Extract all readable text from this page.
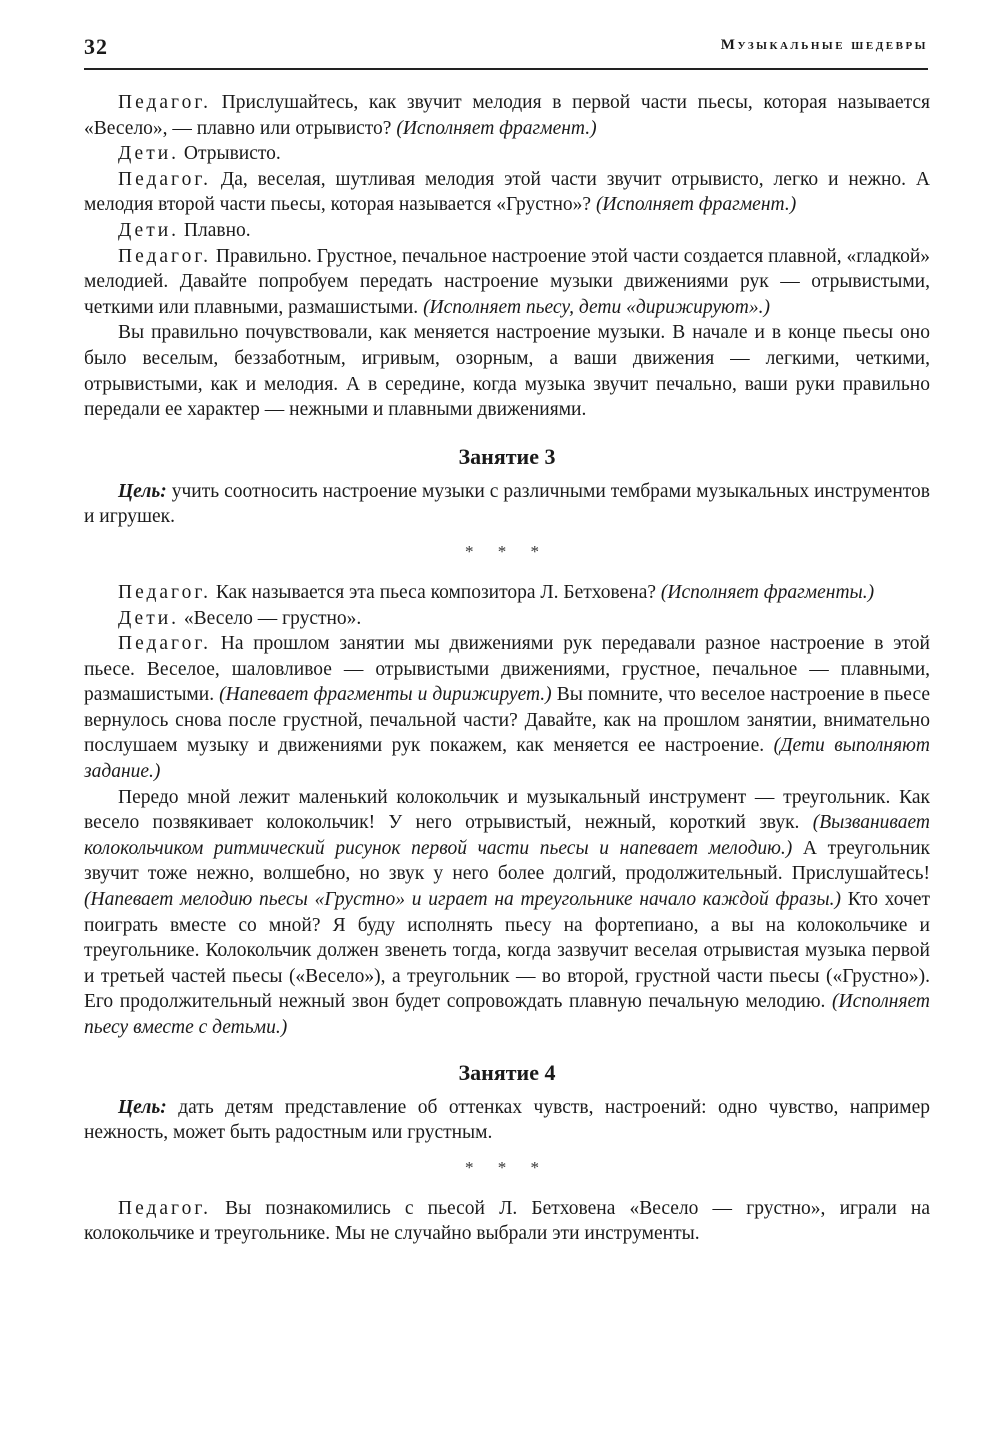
32	Музыкальные шедевры

Педагог. Прислушайтесь, как звучит мелодия в первой части пьесы, которая называется «Весело», — плавно или отрывисто? (Исполняет фрагмент.)

Дети. Отрывисто.

Педагог. Да, веселая, шутливая мелодия этой части звучит отрывисто, легко и нежно. А мелодия второй части пьесы, которая называется «Грустно»? (Исполняет фрагмент.)

Дети. Плавно.

Педагог. Правильно. Грустное, печальное настроение этой части создается плавной, «гладкой» мелодией. Давайте попробуем передать настроение музыки движениями рук — отрывистыми, четкими или плавными, размашистыми. (Исполняет пьесу, дети «дирижируют».)

Вы правильно почувствовали, как меняется настроение музыки. В начале и в конце пьесы оно было веселым, беззаботным, игривым, озорным, а ваши движения — легкими, четкими, отрывистыми, как и мелодия. А в середине, когда музыка звучит печально, ваши руки правильно передали ее характер — нежными и плавными движениями.

Занятие 3

Цель: учить соотносить настроение музыки с различными тембрами музыкальных инструментов и игрушек.

* * *

Педагог. Как называется эта пьеса композитора Л. Бетховена? (Исполняет фрагменты.)

Дети. «Весело — грустно».

Педагог. На прошлом занятии мы движениями рук передавали разное настроение в этой пьесе. Веселое, шаловливое — отрывистыми движениями, грустное, печальное — плавными, размашистыми. (Напевает фрагменты и дирижирует.) Вы помните, что веселое настроение в пьесе вернулось снова после грустной, печальной части? Давайте, как на прошлом занятии, внимательно послушаем музыку и движениями рук покажем, как меняется ее настроение. (Дети выполняют задание.)

Передо мной лежит маленький колокольчик и музыкальный инструмент — треугольник. Как весело позвякивает колокольчик! У него отрывистый, нежный, короткий звук. (Вызванивает колокольчиком ритмический рисунок первой части пьесы и напевает мелодию.) А треугольник звучит тоже нежно, волшебно, но звук у него более долгий, продолжительный. Прислушайтесь! (Напевает мелодию пьесы «Грустно» и играет на треугольнике начало каждой фразы.) Кто хочет поиграть вместе со мной? Я буду исполнять пьесу на фортепиано, а вы на колокольчике и треугольнике. Колокольчик должен звенеть тогда, когда зазвучит веселая отрывистая музыка первой и третьей частей пьесы («Весело»), а треугольник — во второй, грустной части пьесы («Грустно»). Его продолжительный нежный звон будет сопровождать плавную печальную мелодию. (Исполняет пьесу вместе с детьми.)

Занятие 4

Цель: дать детям представление об оттенках чувств, настроений: одно чувство, например нежность, может быть радостным или грустным.

* * *

Педагог. Вы познакомились с пьесой Л. Бетховена «Весело — грустно», играли на колокольчике и треугольнике. Мы не случайно выбрали эти инструменты.
